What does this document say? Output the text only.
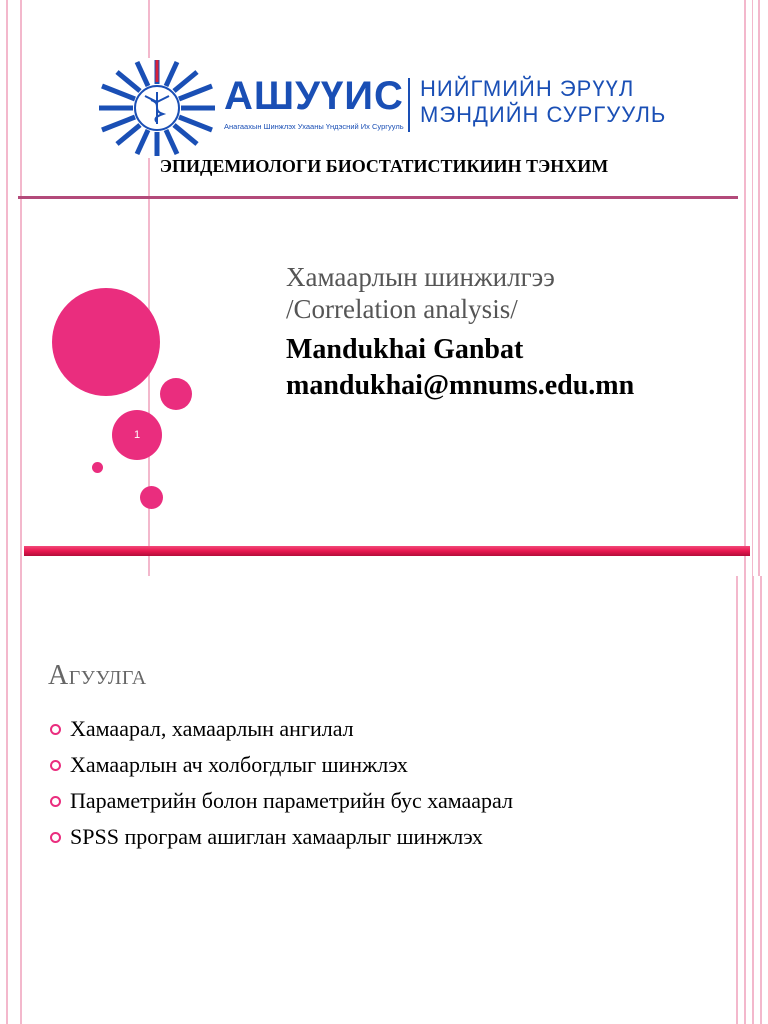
АШУҮИС
Анагаахын Шинжлэх Ухааны Үндэсний Их Сургууль
НИЙГМИЙН ЭРҮҮЛ
МЭНДИЙН СУРГУУЛЬ
ЭПИДЕМИОЛОГИ БИОСТАТИСТИКИИН ТЭНХИМ
1
Хамаарлын шинжилгээ
/Correlation analysis/
Mandukhai Ganbat
mandukhai@mnums.edu.mn
Агуулга
Хамаарал, хамаарлын ангилал
Хамаарлын ач холбогдлыг шинжлэх
Параметрийн болон параметрийн бус хамаарал
SPSS програм ашиглан хамаарлыг шинжлэх
